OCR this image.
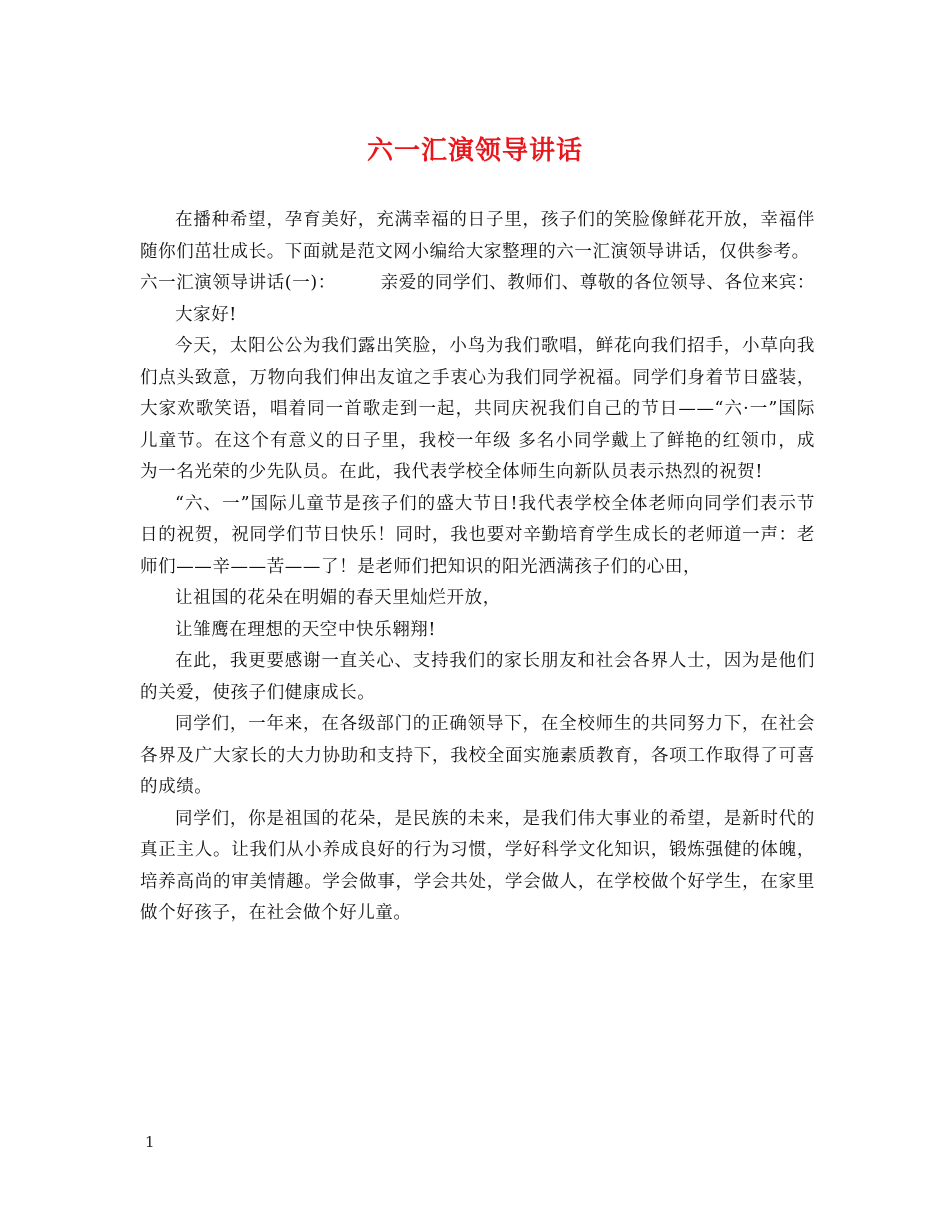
六一汇演领导讲话

在播种希望，孕育美好，充满幸福的日子里，孩子们的笑脸像鲜花开放，幸福伴随你们茁壮成长。下面就是范文网小编给大家整理的六一汇演领导讲话，仅供参考。

六一汇演领导讲话(一)：	亲爱的同学们、教师们、尊敬的各位领导、各位来宾：

大家好!

今天，太阳公公为我们露出笑脸，小鸟为我们歌唱，鲜花向我们招手，小草向我们点头致意，万物向我们伸出友谊之手衷心为我们同学祝福。同学们身着节日盛装，大家欢歌笑语，唱着同一首歌走到一起，共同庆祝我们自己的节日——“六·一”国际儿童节。在这个有意义的日子里，我校一年级 多名小同学戴上了鲜艳的红领巾，成为一名光荣的少先队员。在此，我代表学校全体师生向新队员表示热烈的祝贺!

“六、一”国际儿童节是孩子们的盛大节日!我代表学校全体老师向同学们表示节日的祝贺，祝同学们节日快乐！同时，我也要对辛勤培育学生成长的老师道一声：老师们——辛——苦——了！是老师们把知识的阳光洒满孩子们的心田，

让祖国的花朵在明媚的春天里灿烂开放，

让雏鹰在理想的天空中快乐翱翔!

在此，我更要感谢一直关心、支持我们的家长朋友和社会各界人士，因为是他们的关爱，使孩子们健康成长。

同学们，一年来，在各级部门的正确领导下，在全校师生的共同努力下，在社会各界及广大家长的大力协助和支持下，我校全面实施素质教育，各项工作取得了可喜的成绩。

同学们，你是祖国的花朵，是民族的未来，是我们伟大事业的希望，是新时代的真正主人。让我们从小养成良好的行为习惯，学好科学文化知识，锻炼强健的体魄，培养高尚的审美情趣。学会做事，学会共处，学会做人，在学校做个好学生，在家里做个好孩子，在社会做个好儿童。

1
